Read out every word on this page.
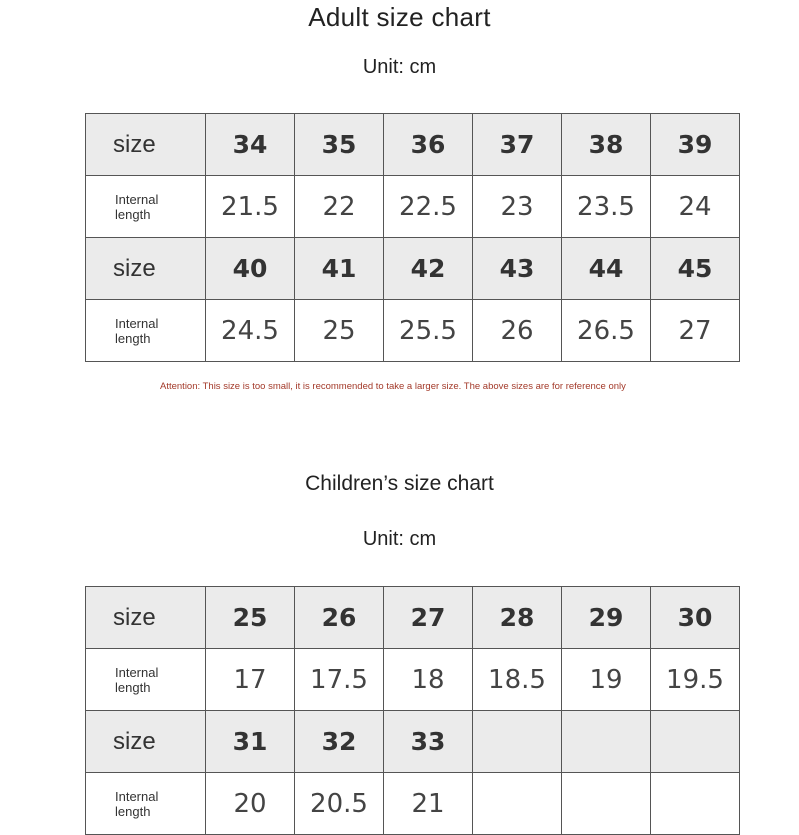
Adult size chart
Unit: cm
size	34	35	36	37	38	39

Internal
length	21.5	22	22.5	23	23.5	24
size	40	41	42	43	44	45

Internal
length	24.5	25	25.5	26	26.5	27
Attention: This size is too small, it is recommended to take a larger size. The above sizes are for reference only
Children’s size chart
Unit: cm
size	25	26	27	28	29	30

Internal
length	17	17.5	18	18.5	19	19.5
size	31	32	33			

Internal
length	20	20.5	21			
